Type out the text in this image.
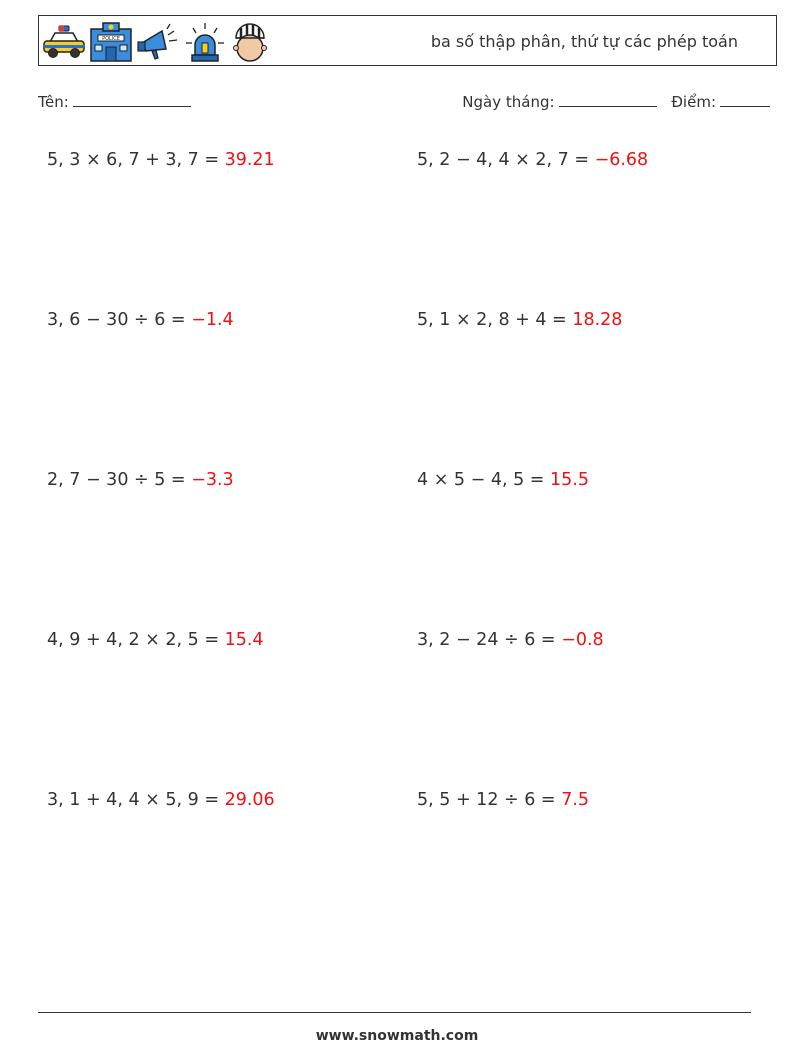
POLICE	ba số thập phân, thứ tự các phép toán
Tên:	Ngày tháng:	Điểm:
5, 3 × 6, 7 + 3, 7 = 39.21	5, 2 − 4, 4 × 2, 7 = −6.68
3, 6 − 30 ÷ 6 = −1.4	5, 1 × 2, 8 + 4 = 18.28
2, 7 − 30 ÷ 5 = −3.3	4 × 5 − 4, 5 = 15.5
4, 9 + 4, 2 × 2, 5 = 15.4	3, 2 − 24 ÷ 6 = −0.8
3, 1 + 4, 4 × 5, 9 = 29.06	5, 5 + 12 ÷ 6 = 7.5
www.snowmath.com
